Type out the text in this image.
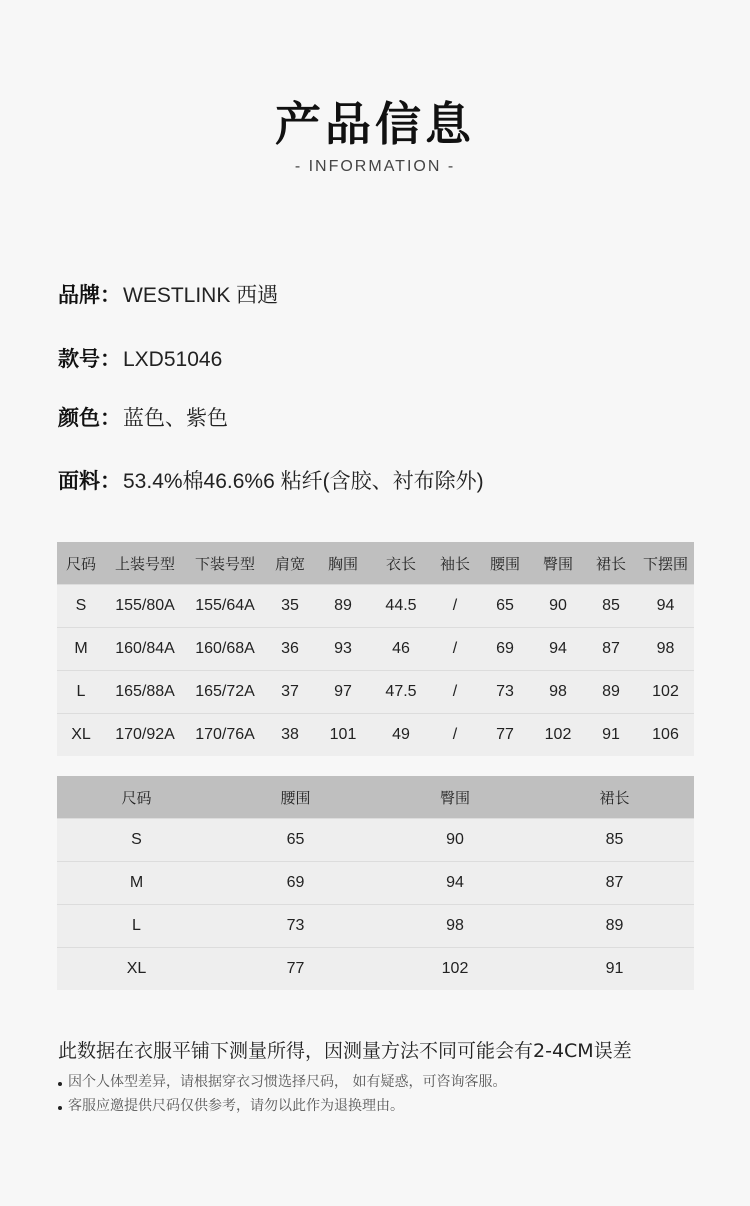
产品信息
- INFORMATION -
品牌：WESTLINK 西遇
款号：LXD51046
颜色：蓝色、紫色
面料：53.4%棉46.6%6 粘纤(含胶、衬布除外)
尺码	上装号型	下装号型	肩宽	胸围	衣长	袖长	腰围	臀围	裙长	下摆围
S	155/80A	155/64A	35	89	44.5	/	65	90	85	94
M	160/84A	160/68A	36	93	46	/	69	94	87	98
L	165/88A	165/72A	37	97	47.5	/	73	98	89	102
XL	170/92A	170/76A	38	101	49	/	77	102	91	106
尺码	腰围	臀围	裙长
S	65	90	85
M	69	94	87
L	73	98	89
XL	77	102	91
此数据在衣服平铺下测量所得，因测量方法不同可能会有2-4CM误差
因个人体型差异，请根据穿衣习惯选择尺码， 如有疑惑，可咨询客服。
客服应邀提供尺码仅供参考，请勿以此作为退换理由。
